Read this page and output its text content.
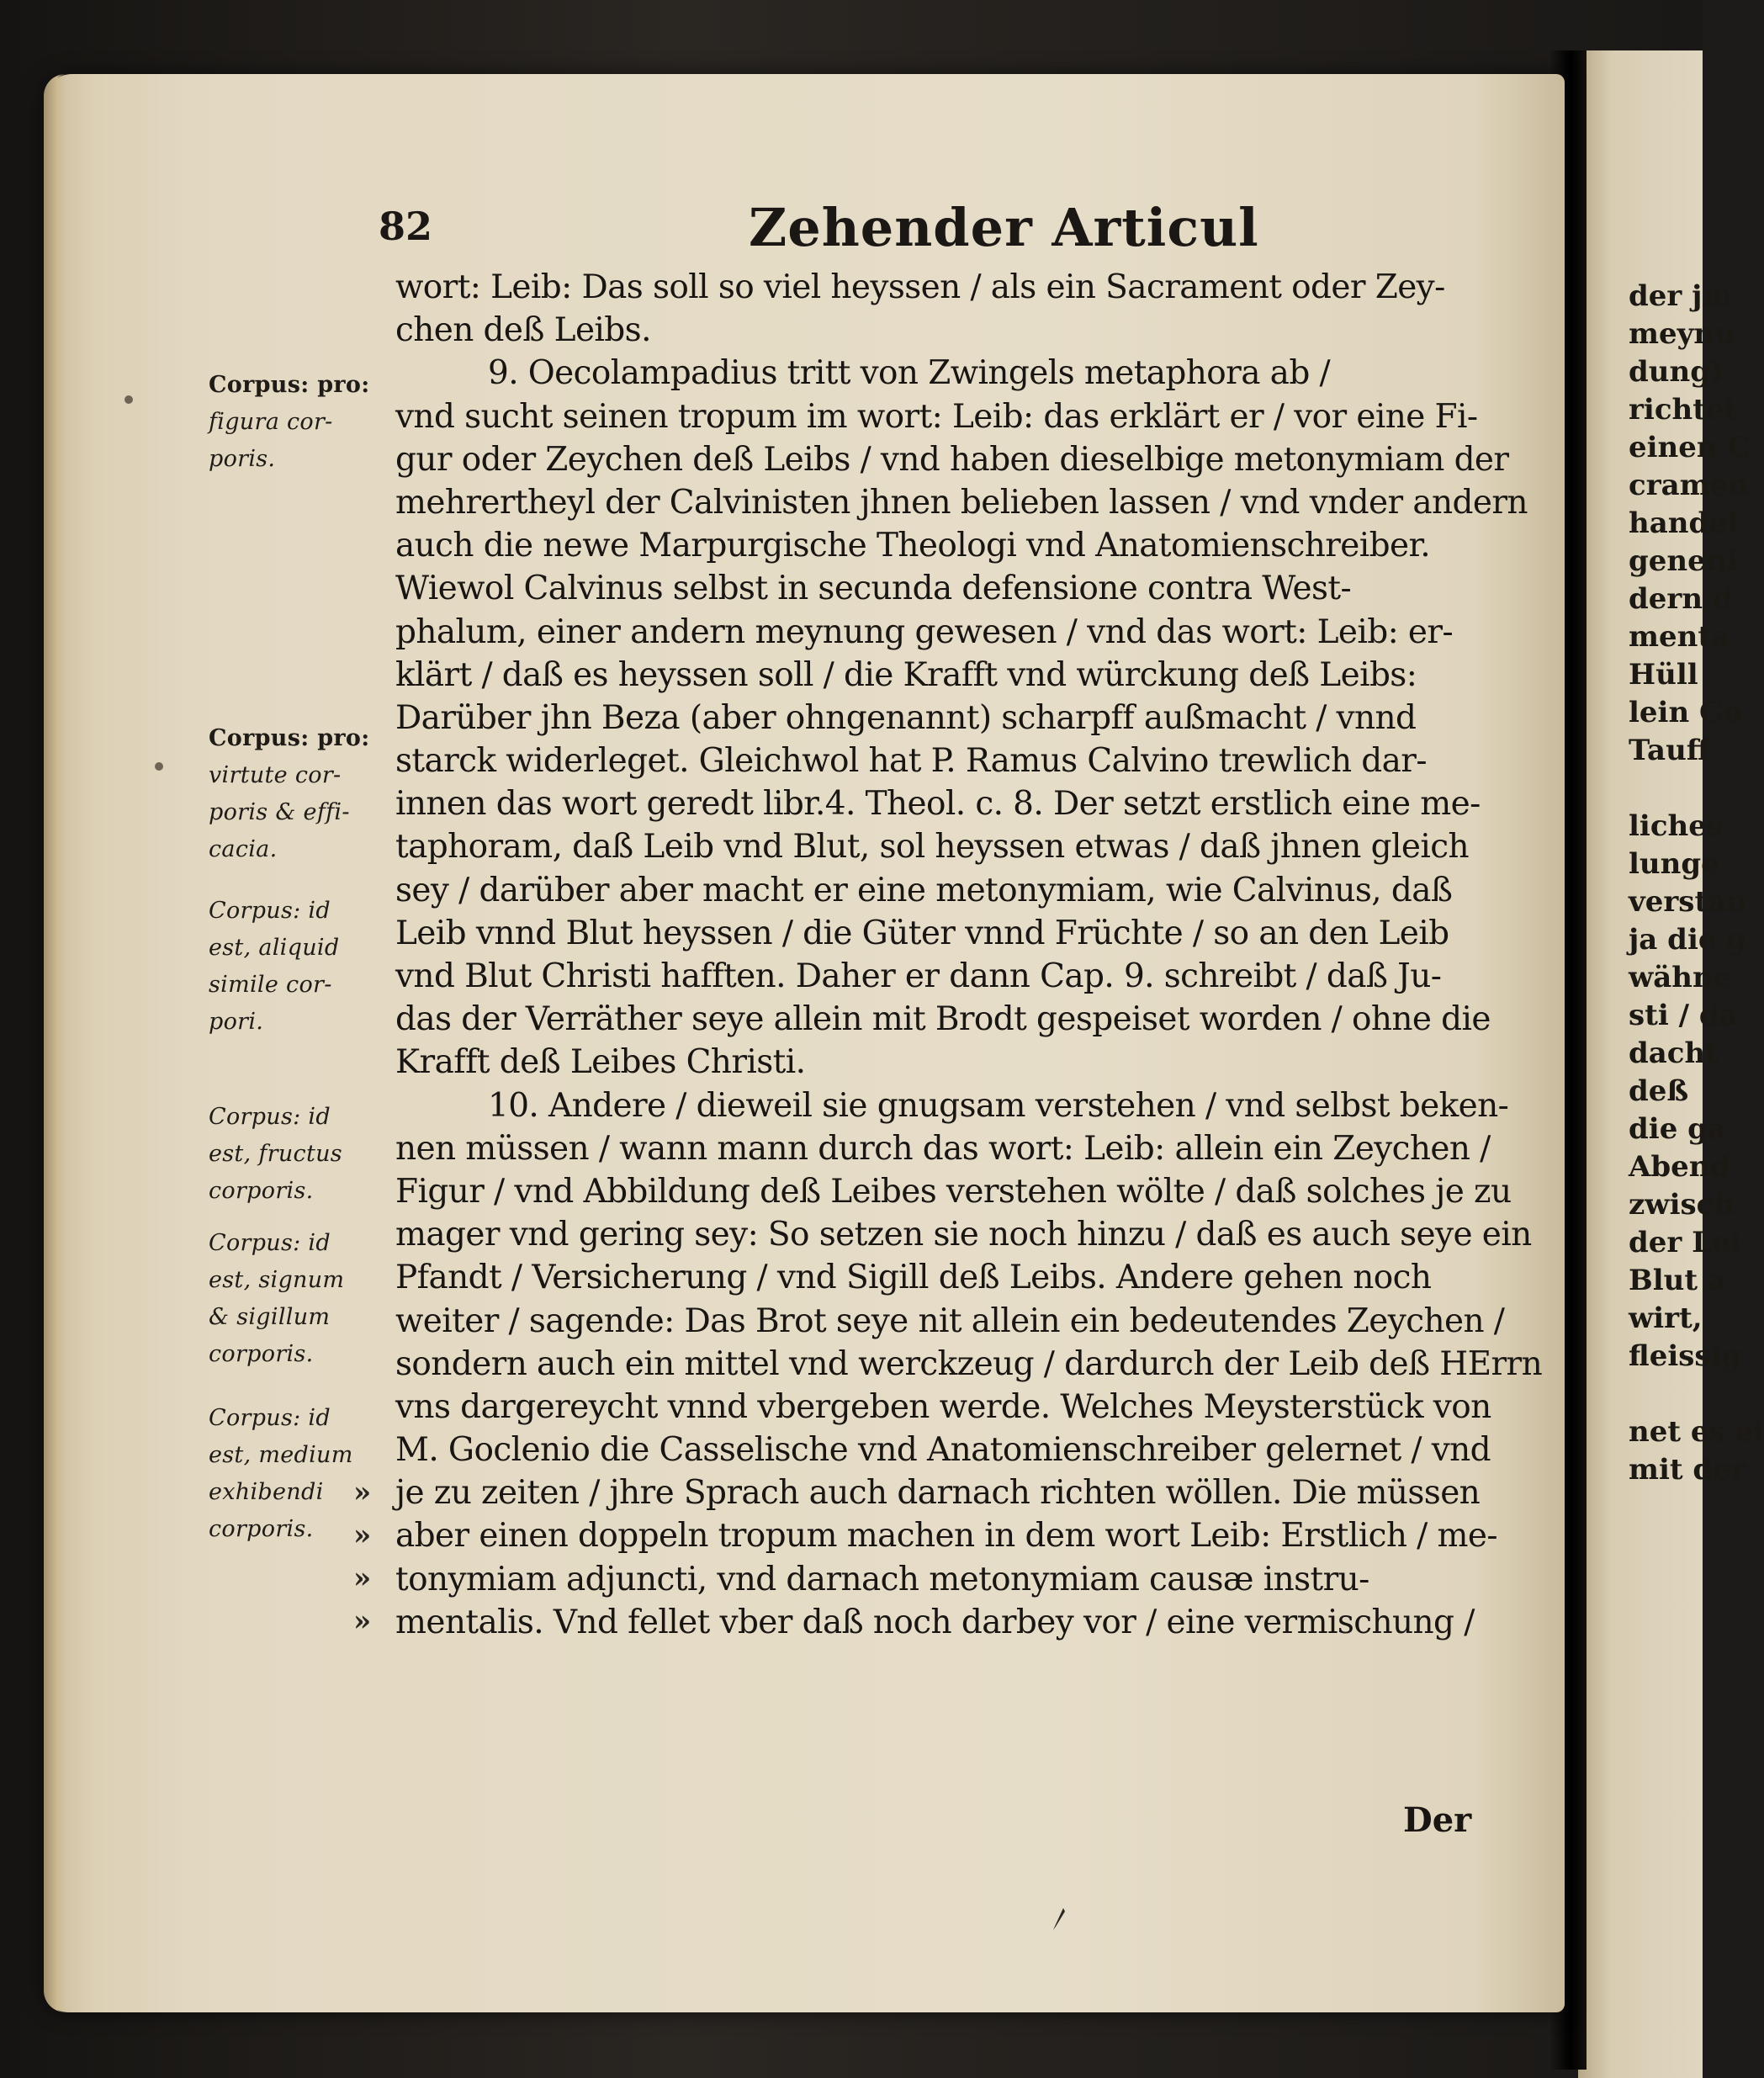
der jm
meynu
dung)
richtet
einen C
cramen
handel
geneni
dern d
menta
Hüll
lein Go
Tauff
liches
lunge
verstan
ja die g
wähne
sti / da
dacht
deß
die ga
Abend
zwisch
der Lei
Blut a
wirt,
fleissig
net es ei
mit der
82	Zehender Articul
Corpus: pro:
figura cor-
poris.
Corpus: pro:
virtute cor-
poris & effi-
cacia.
Corpus: id
est, aliquid
simile cor-
pori.
Corpus: id
est, fructus
corporis.
Corpus: id
est, signum
& sigillum
corporis.
Corpus: id
est, medium
exhibendi
corporis.
wort: Leib: Das soll so viel heyssen / als ein Sacrament oder Zey-
chen deß Leibs.
9. Oecolampadius tritt von Zwingels metaphora ab /
vnd sucht seinen tropum im wort: Leib: das erklärt er / vor eine Fi-
gur oder Zeychen deß Leibs / vnd haben dieselbige metonymiam der
mehrertheyl der Calvinisten jhnen belieben lassen / vnd vnder andern
auch die newe Marpurgische Theologi vnd Anatomienschreiber.
Wiewol Calvinus selbst in secunda defensione contra West-
phalum, einer andern meynung gewesen / vnd das wort: Leib: er-
klärt / daß es heyssen soll / die Krafft vnd würckung deß Leibs:
Darüber jhn Beza (aber ohngenannt) scharpff außmacht / vnnd
starck widerleget. Gleichwol hat P. Ramus Calvino trewlich dar-
innen das wort geredt libr.4. Theol. c. 8. Der setzt erstlich eine me-
taphoram, daß Leib vnd Blut, sol heyssen etwas / daß jhnen gleich
sey / darüber aber macht er eine metonymiam, wie Calvinus, daß
Leib vnnd Blut heyssen / die Güter vnnd Früchte / so an den Leib
vnd Blut Christi hafften. Daher er dann Cap. 9. schreibt / daß Ju-
das der Verräther seye allein mit Brodt gespeiset worden / ohne die
Krafft deß Leibes Christi.
10. Andere / dieweil sie gnugsam verstehen / vnd selbst beken-
nen müssen / wann mann durch das wort: Leib: allein ein Zeychen /
Figur / vnd Abbildung deß Leibes verstehen wölte / daß solches je zu
mager vnd gering sey: So setzen sie noch hinzu / daß es auch seye ein
Pfandt / Versicherung / vnd Sigill deß Leibs. Andere gehen noch
weiter / sagende: Das Brot seye nit allein ein bedeutendes Zeychen /
sondern auch ein mittel vnd werckzeug / dardurch der Leib deß HErrn
vns dargereycht vnnd vbergeben werde. Welches Meysterstück von
M. Goclenio die Casselische vnd Anatomienschreiber gelernet / vnd
je zu zeiten / jhre Sprach auch darnach richten wöllen. Die müssen
aber einen doppeln tropum machen in dem wort Leib: Erstlich / me-
tonymiam adjuncti, vnd darnach metonymiam causæ instru-
mentalis. Vnd fellet vber daß noch darbey vor / eine vermischung /
»
»
»
»
Der
